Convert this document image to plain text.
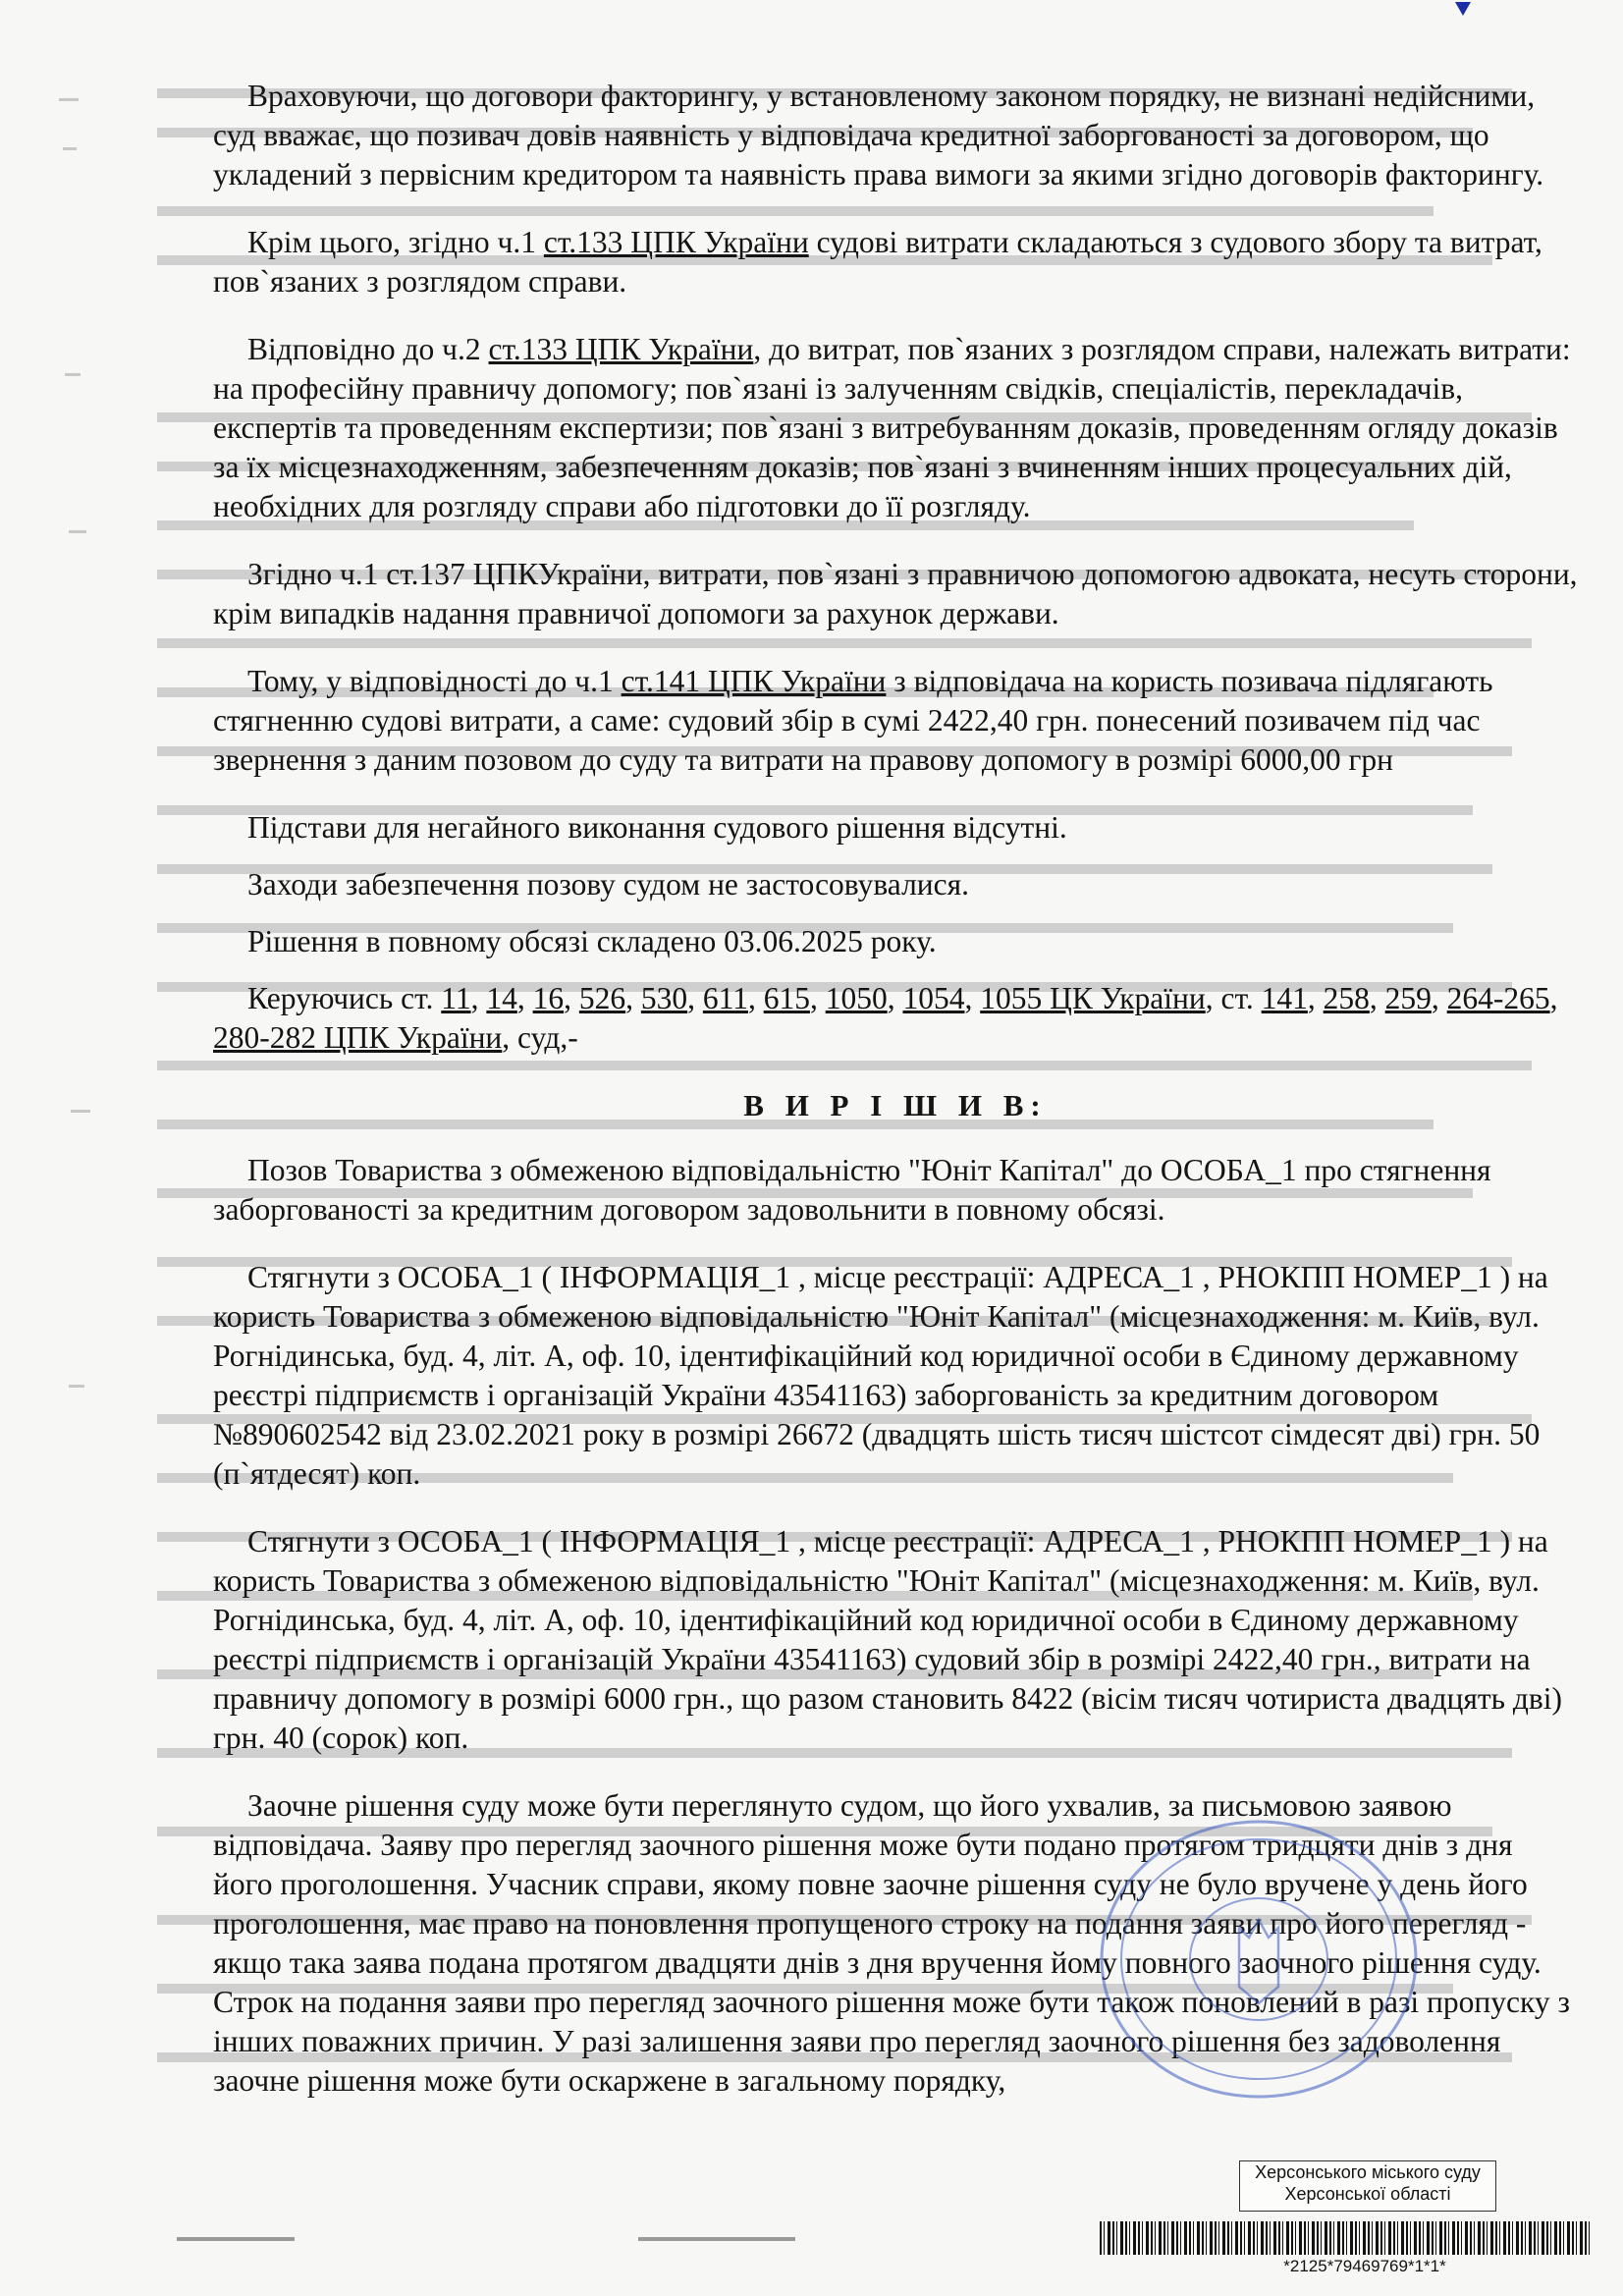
Враховуючи, що договори факторингу, у встановленому законом порядку, не визнані недійсними, суд вважає, що позивач довів наявність у відповідача кредитної заборгованості за договором, що укладений з первісним кредитором та наявність права вимоги за якими згідно договорів факторингу.

Крім цього, згідно ч.1 ст.133 ЦПК України судові витрати складаються з судового збору та витрат, пов`язаних з розглядом справи.

Відповідно до ч.2 ст.133 ЦПК України, до витрат, пов`язаних з розглядом справи, належать витрати: на професійну правничу допомогу; пов`язані із залученням свідків, спеціалістів, перекладачів, експертів та проведенням експертизи; пов`язані з витребуванням доказів, проведенням огляду доказів за їх місцезнаходженням, забезпеченням доказів; пов`язані з вчиненням інших процесуальних дій, необхідних для розгляду справи або підготовки до її розгляду.

Згідно ч.1 ст.137 ЦПКУкраїни, витрати, пов`язані з правничою допомогою адвоката, несуть сторони, крім випадків надання правничої допомоги за рахунок держави.

Тому, у відповідності до ч.1 ст.141 ЦПК України з відповідача на користь позивача підлягають стягненню судові витрати, а саме: судовий збір в сумі 2422,40 грн. понесений позивачем під час звернення з даним позовом до суду та витрати на правову допомогу в розмірі 6000,00 грн

Підстави для негайного виконання судового рішення відсутні.

Заходи забезпечення позову судом не застосовувалися.

Рішення в повному обсязі складено 03.06.2025 року.

Керуючись ст. 11, 14, 16, 526, 530, 611, 615, 1050, 1054, 1055 ЦК України, ст. 141, 258, 259, 264-265, 280-282 ЦПК України, суд,-

В И Р І Ш И В:

Позов Товариства з обмеженою відповідальністю "Юніт Капітал" до ОСОБА_1 про стягнення заборгованості за кредитним договором задовольнити в повному обсязі.

Стягнути з ОСОБА_1 ( ІНФОРМАЦІЯ_1 , місце реєстрації: АДРЕСА_1 , РНОКПП НОМЕР_1 ) на користь Товариства з обмеженою відповідальністю "Юніт Капітал" (місцезнаходження: м. Київ, вул. Рогнідинська, буд. 4, літ. А, оф. 10, ідентифікаційний код юридичної особи в Єдиному державному реєстрі підприємств і організацій України 43541163) заборгованість за кредитним договором №890602542 від 23.02.2021 року в розмірі 26672 (двадцять шість тисяч шістсот сімдесят дві) грн. 50 (п`ятдесят) коп.

Стягнути з ОСОБА_1 ( ІНФОРМАЦІЯ_1 , місце реєстрації: АДРЕСА_1 , РНОКПП НОМЕР_1 ) на користь Товариства з обмеженою відповідальністю "Юніт Капітал" (місцезнаходження: м. Київ, вул. Рогнідинська, буд. 4, літ. А, оф. 10, ідентифікаційний код юридичної особи в Єдиному державному реєстрі підприємств і організацій України 43541163) судовий збір в розмірі 2422,40 грн., витрати на правничу допомогу в розмірі 6000 грн., що разом становить 8422 (вісім тисяч чотириста двадцять дві) грн. 40 (сорок) коп.

Заочне рішення суду може бути переглянуто судом, що його ухвалив, за письмовою заявою відповідача. Заяву про перегляд заочного рішення може бути подано протягом тридцяти днів з дня його проголошення. Учасник справи, якому повне заочне рішення суду не було вручене у день його проголошення, має право на поновлення пропущеного строку на подання заяви про його перегляд - якщо така заява подана протягом двадцяти днів з дня вручення йому повного заочного рішення суду. Строк на подання заяви про перегляд заочного рішення може бути також поновлений в разі пропуску з інших поважних причин. У разі залишення заяви про перегляд заочного рішення без задоволення заочне рішення може бути оскаржене в загальному порядку,

Херсонського міського суду
Херсонської області
*2125*79469769*1*1*
